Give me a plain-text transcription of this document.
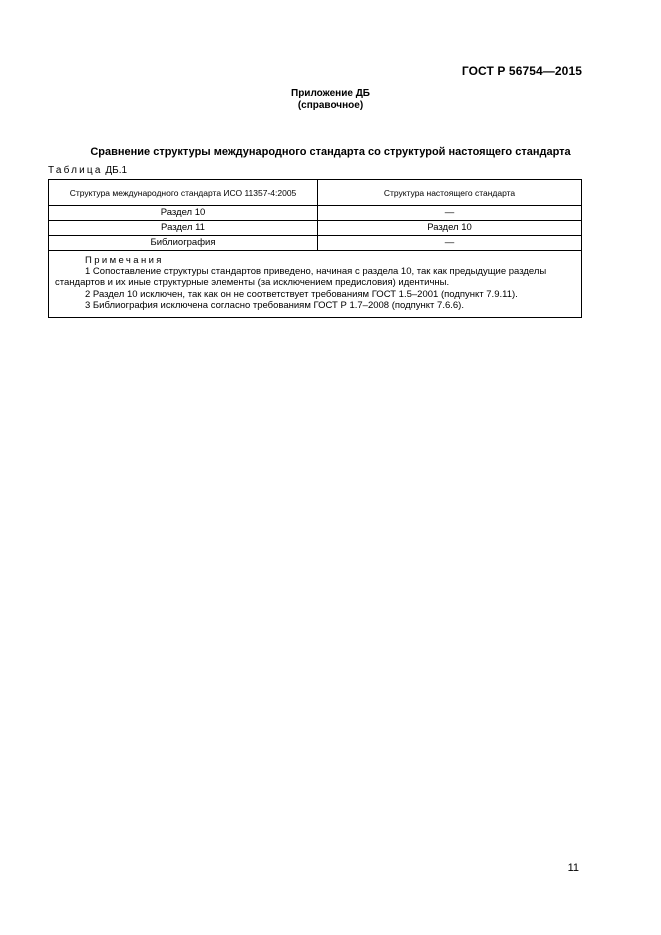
ГОСТ Р 56754—2015
Приложение ДБ
(справочное)
Сравнение структуры международного стандарта со структурой настоящего стандарта
Таблица ДБ.1
Структура международного стандарта ИСО 11357-4:2005	Структура настоящего стандарта
Раздел 10	—
Раздел 11	Раздел 10
Библиография	—

Примечания
1 Сопоставление структуры стандартов приведено, начиная с раздела 10, так как предыдущие разделы стандартов и их иные структурные элементы (за исключением предисловия) идентичны.
2 Раздел 10 исключен, так как он не соответствует требованиям ГОСТ 1.5–2001 (подпункт 7.9.11).
3 Библиография исключена согласно требованиям ГОСТ Р 1.7–2008 (подпункт 7.6.6).	
11
